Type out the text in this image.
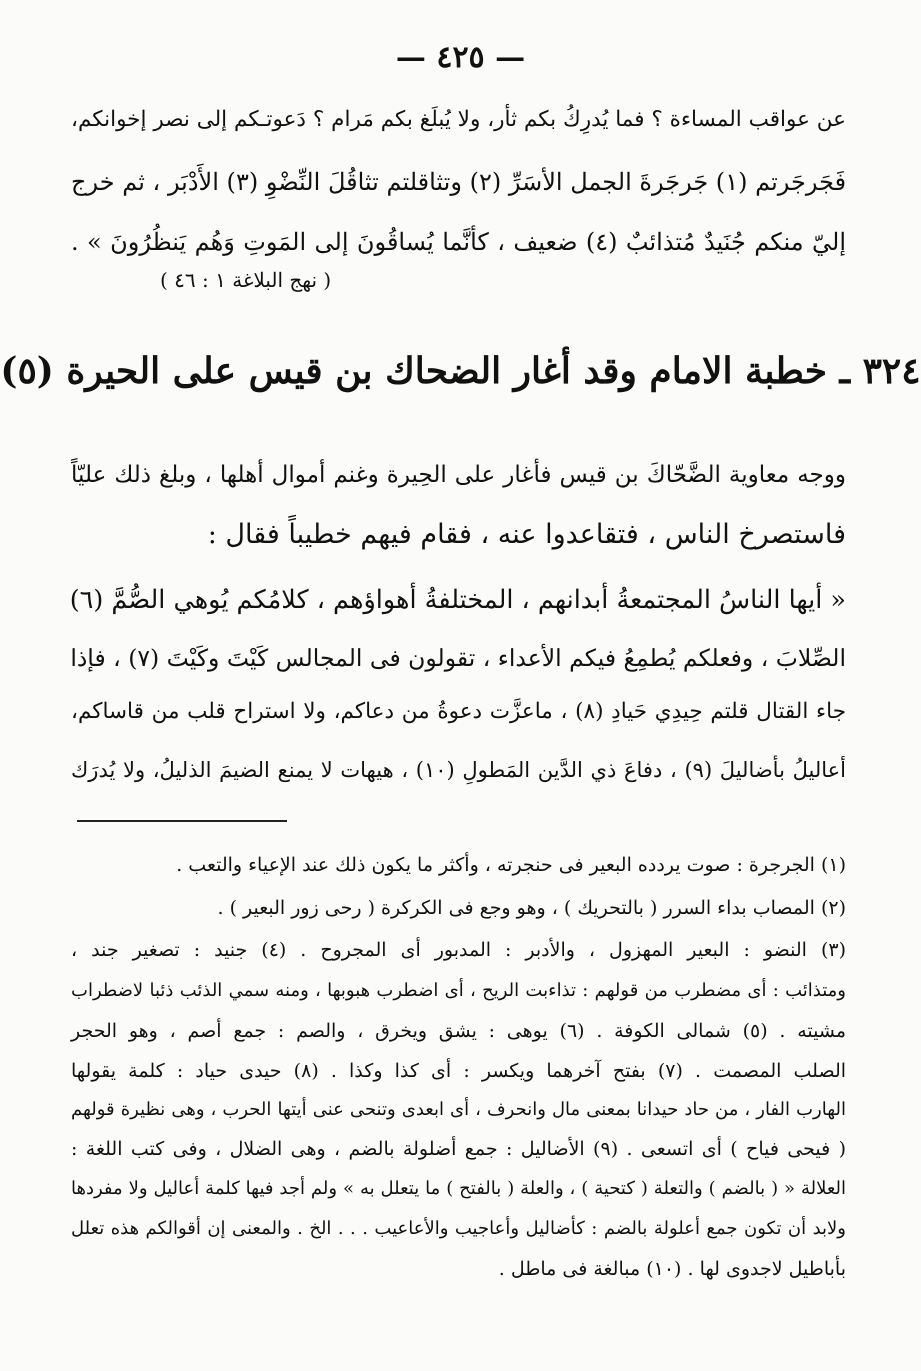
— ٤٢٥ —
عن عواقب المساءة ؟ فما يُدرِكُ بكم ثأر، ولا يُبلَغ بكم مَرام ؟ دَعوتـكم إلى نصر إخوانكم،
فَجَرجَرتم (١) جَرجَرةَ الجمل الأسَرِّ (٢) وتثاقلتم تثاقُلَ النِّضْوِ (٣) الأَدْبَر ، ثم خرج
إليّ منكم جُنَيدٌ مُتذائبٌ (٤) ضعيف ، كأنَّما يُساقُونَ إلى المَوتِ وَهُم يَنظُرُونَ » .
( نهج البلاغة ١ : ٤٦ )
٣٢٤ ـ خطبة الامام وقد أغار الضحاك بن قيس على الحيرة (٥)
ووجه معاوية الضَّحّاكَ بن قيس فأغار على الحِيرة وغنم أموال أهلها ، وبلغ ذلك عليّاً
فاستصرخ الناس ، فتقاعدوا عنه ، فقام فيهم خطيباً فقال :
« أيها الناسُ المجتمعةُ أبدانهم ، المختلفةُ أهواؤهم ، كلامُكم يُوهي الصُّمَّ (٦)
الصِّلابَ ، وفعلكم يُطمِعُ فيكم الأعداء ، تقولون فى المجالس كَيْتَ وكَيْتَ (٧) ، فإذا
جاء القتال قلتم حِيدِي حَيادِ (٨) ، ماعزَّت دعوةُ من دعاكم، ولا استراح قلب من قاساكم،
أعاليلُ بأضاليلَ (٩) ، دفاعَ ذي الدَّين المَطولِ (١٠) ، هيهات لا يمنع الضيمَ الذليلُ، ولا يُدرَك
(١) الجرجرة : صوت يردده البعير فى حنجرته ، وأكثر ما يكون ذلك عند الإعياء والتعب .
(٢) المصاب بداء السرر ( بالتحريك ) ، وهو وجع فى الكركرة ( رحى زور البعير ) .
(٣) النضو : البعير المهزول ، والأدبر : المدبور أى المجروح . (٤) جنيد : تصغير جند ،
ومتذائب : أى مضطرب من قولهم : تذاءبت الريح ، أى اضطرب هبوبها ، ومنه سمي الذئب ذئبا لاضطراب
مشيته . (٥) شمالى الكوفة . (٦) يوهى : يشق ويخرق ، والصم : جمع أصم ، وهو الحجر
الصلب المصمت . (٧) بفتح آخرهما ويكسر : أى كذا وكذا . (٨) حيدى حياد : كلمة يقولها
الهارب الفار ، من حاد حيدانا بمعنى مال وانحرف ، أى ابعدى وتنحى عنى أيتها الحرب ، وهى نظيرة قولهم
( فيحى فياح ) أى اتسعى . (٩) الأضاليل : جمع أضلولة بالضم ، وهى الضلال ، وفى كتب اللغة :
العلالة « ( بالضم ) والتعلة ( كتحية ) ، والعلة ( بالفتح ) ما يتعلل به » ولم أجد فيها كلمة أعاليل ولا مفردها
ولابد أن تكون جمع أعلولة بالضم : كأضاليل وأعاجيب والأعاعيب . . . الخ . والمعنى إن أقوالكم هذه تعلل
بأباطيل لاجدوى لها . (١٠) مبالغة فى ماطل .
